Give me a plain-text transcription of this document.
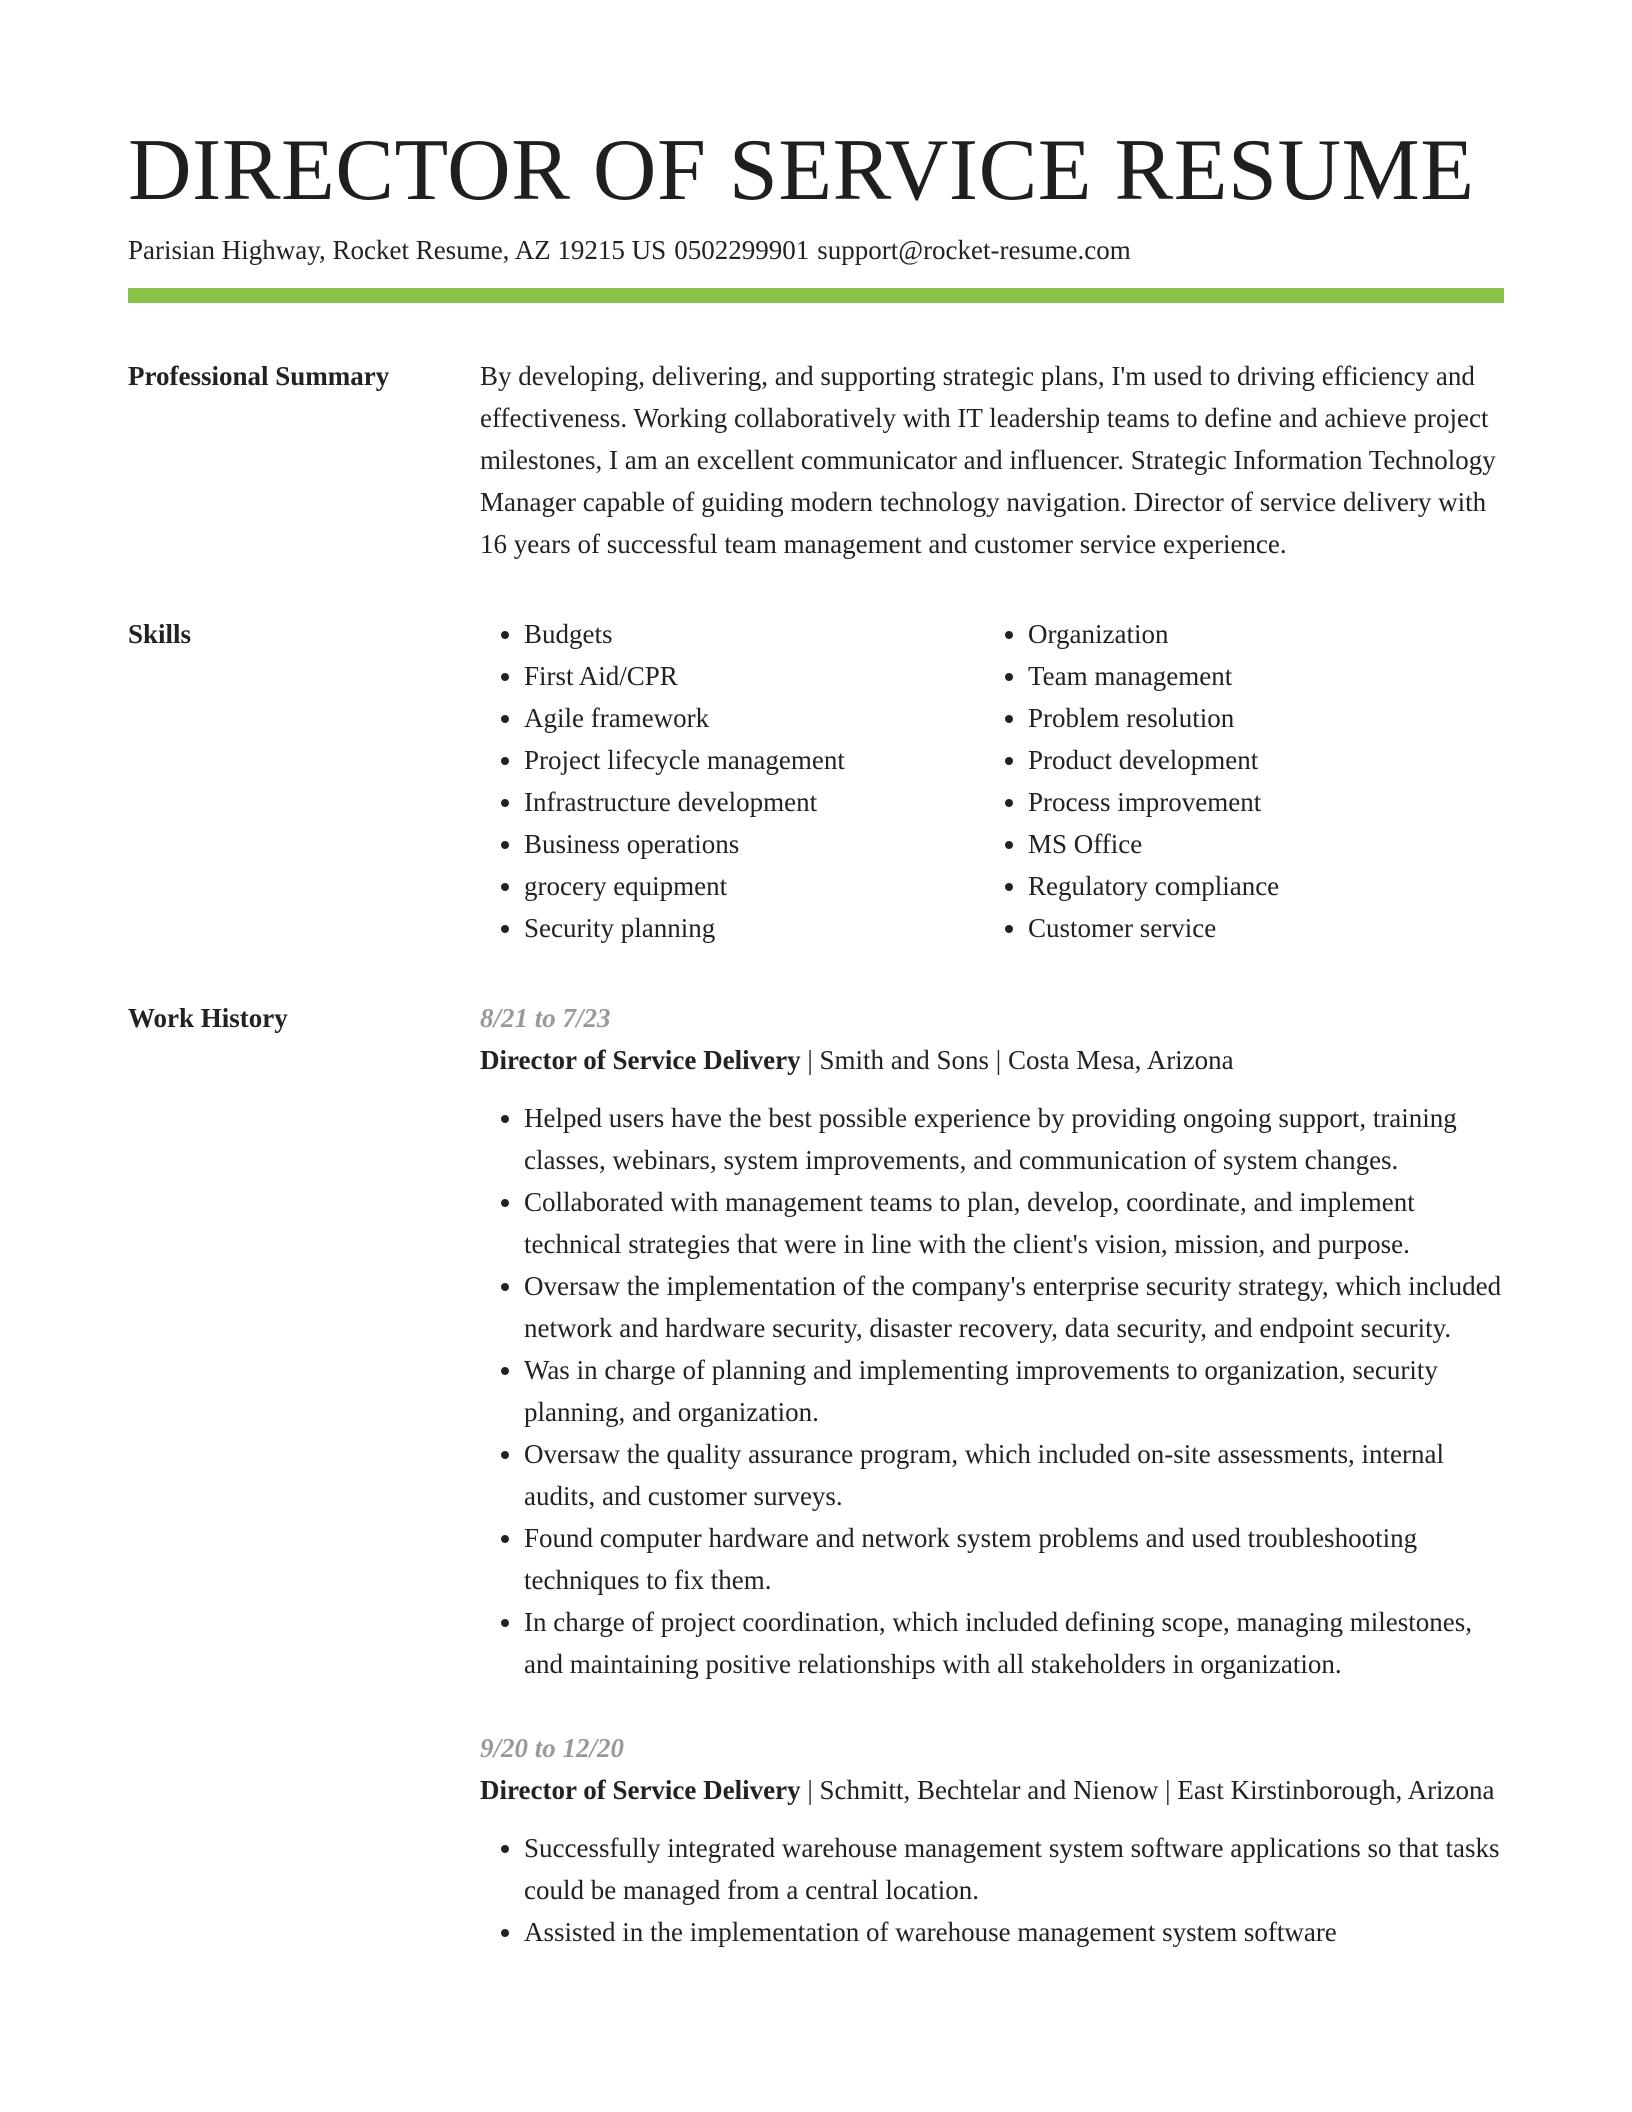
DIRECTOR OF SERVICE RESUME
Parisian Highway, Rocket Resume, AZ 19215 US 0502299901 support@rocket-resume.com
Professional Summary	By developing, delivering, and supporting strategic plans, I'm used to driving efficiency and effectiveness. Working collaboratively with IT leadership teams to define and achieve project milestones, I am an excellent communicator and influencer. Strategic Information Technology Manager capable of guiding modern technology navigation. Director of service delivery with 16 years of successful team management and customer service experience.

Skills
•	Budgets
• First Aid/CPR
• Agile framework
• Project lifecycle management
• Infrastructure development
• Business operations
• grocery equipment
• Security planning
• Organization
• Team management
• Problem resolution
• Product development
• Process improvement
• MS Office
• Regulatory compliance
• Customer service
Work History	8/21 to 7/23
Director of Service Delivery | Smith and Sons | Costa Mesa, Arizona
• Helped users have the best possible experience by providing ongoing support, training classes, webinars, system improvements, and communication of system changes.
• Collaborated with management teams to plan, develop, coordinate, and implement technical strategies that were in line with the client's vision, mission, and purpose.
• Oversaw the implementation of the company's enterprise security strategy, which included network and hardware security, disaster recovery, data security, and endpoint security.
• Was in charge of planning and implementing improvements to organization, security planning, and organization.
• Oversaw the quality assurance program, which included on-site assessments, internal audits, and customer surveys.
• Found computer hardware and network system problems and used troubleshooting techniques to fix them.
• In charge of project coordination, which included defining scope, managing milestones, and maintaining positive relationships with all stakeholders in organization.
9/20 to 12/20
Director of Service Delivery | Schmitt, Bechtelar and Nienow | East Kirstinborough, Arizona
• Successfully integrated warehouse management system software applications so that tasks could be managed from a central location.
• Assisted in the implementation of warehouse management system software
